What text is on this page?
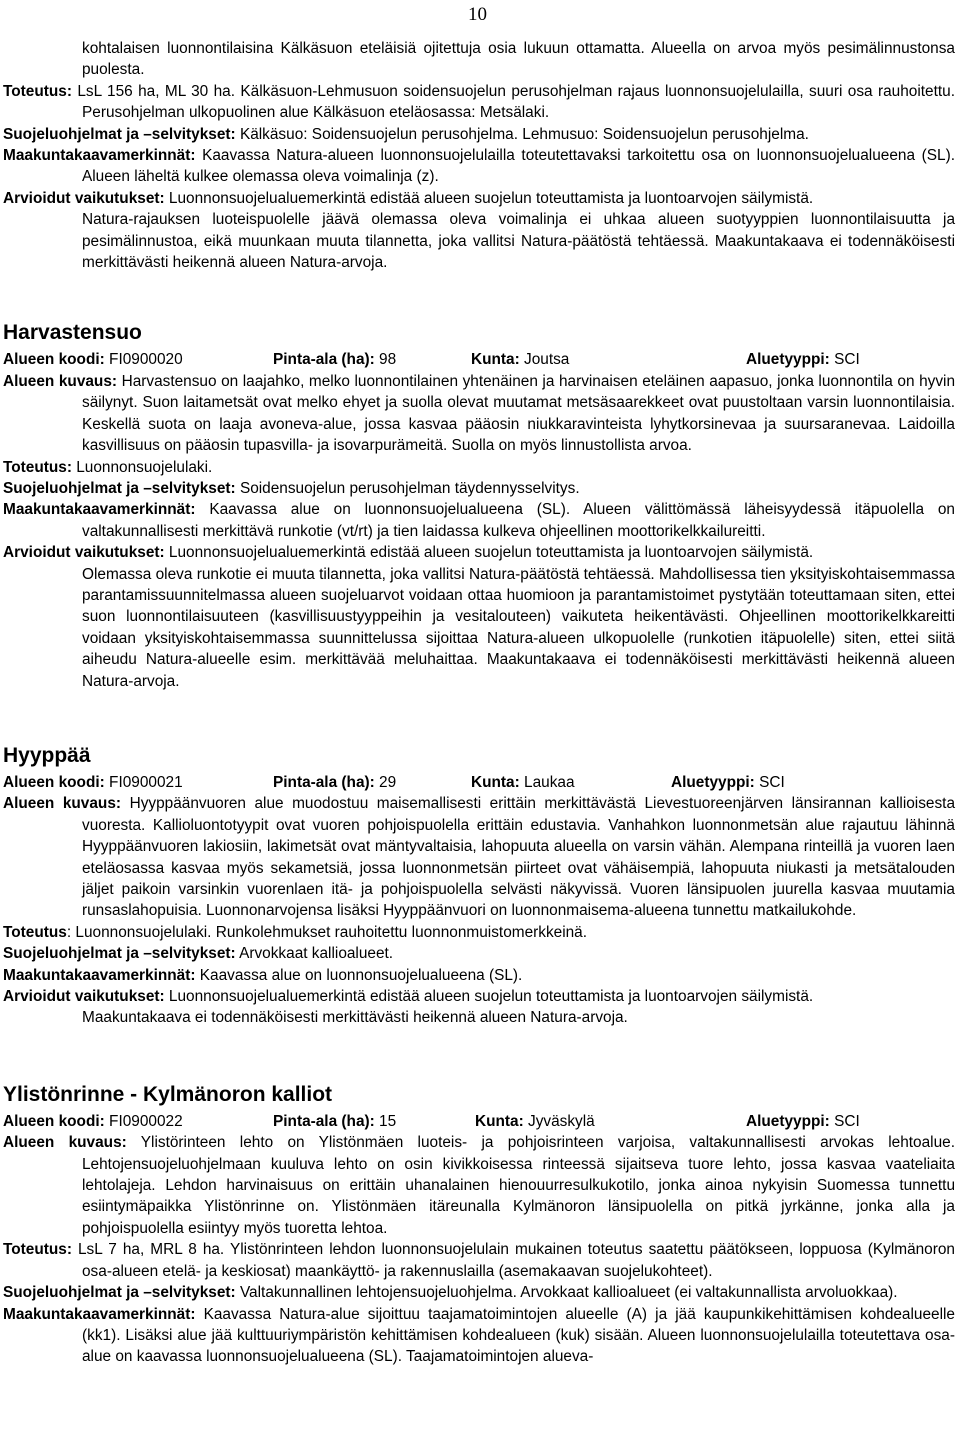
10

kohtalaisen luonnontilaisina Kälkäsuon eteläisiä ojitettuja osia lukuun ottamatta. Alueella on arvoa myös pesimälinnustonsa puolesta.

Toteutus: LsL 156 ha, ML 30 ha. Kälkäsuon-Lehmusuon soidensuojelun perusohjelman rajaus luonnonsuojelulailla, suuri osa rauhoitettu. Perusohjelman ulkopuolinen alue Kälkäsuon eteläosassa: Metsälaki.

Suojeluohjelmat ja –selvitykset: Kälkäsuo: Soidensuojelun perusohjelma. Lehmusuo: Soidensuojelun perusohjelma.

Maakuntakaavamerkinnät: Kaavassa Natura-alueen luonnonsuojelulailla toteutettavaksi tarkoitettu osa on luonnonsuojelualueena (SL). Alueen läheltä kulkee olemassa oleva voimalinja (z).

Arvioidut vaikutukset: Luonnonsuojelualuemerkintä edistää alueen suojelun toteuttamista ja luontoarvojen säilymistä.

Natura-rajauksen luoteispuolelle jäävä olemassa oleva voimalinja ei uhkaa alueen suotyyppien luonnontilaisuutta ja pesimälinnustoa, eikä muunkaan muuta tilannetta, joka vallitsi Natura-päätöstä tehtäessä. Maakuntakaava ei todennäköisesti merkittävästi heikennä alueen Natura-arvoja.

Harvastensuo
Alueen koodi: FI0900020	Pinta-ala (ha): 98	Kunta: Joutsa	Aluetyyppi: SCI

Alueen kuvaus: Harvastensuo on laajahko, melko luonnontilainen yhtenäinen ja harvinaisen eteläinen aapasuo, jonka luonnontila on hyvin säilynyt. Suon laitametsät ovat melko ehyet ja suolla olevat muutamat metsäsaarekkeet ovat puustoltaan varsin luonnontilaisia. Keskellä suota on laaja avoneva-alue, jossa kasvaa pääosin niukkaravinteista lyhytkorsinevaa ja suursaranevaa. Laidoilla kasvillisuus on pääosin tupasvilla- ja isovarpurämeitä. Suolla on myös linnustollista arvoa.

Toteutus: Luonnonsuojelulaki.

Suojeluohjelmat ja –selvitykset: Soidensuojelun perusohjelman täydennysselvitys.

Maakuntakaavamerkinnät: Kaavassa alue on luonnonsuojelualueena (SL). Alueen välittömässä läheisyydessä itäpuolella on valtakunnallisesti merkittävä runkotie (vt/rt) ja tien laidassa kulkeva ohjeellinen moottorikelkkailureitti.

Arvioidut vaikutukset: Luonnonsuojelualuemerkintä edistää alueen suojelun toteuttamista ja luontoarvojen säilymistä.

Olemassa oleva runkotie ei muuta tilannetta, joka vallitsi Natura-päätöstä tehtäessä. Mahdollisessa tien yksityiskohtaisemmassa parantamissuunnitelmassa alueen suojeluarvot voidaan ottaa huomioon ja parantamistoimet pystytään toteuttamaan siten, ettei suon luonnontilaisuuteen (kasvillisuustyyppeihin ja vesitalouteen) vaikuteta heikentävästi. Ohjeellinen moottorikelkkareitti voidaan yksityiskohtaisemmassa suunnittelussa sijoittaa Natura-alueen ulkopuolelle (runkotien itäpuolelle) siten, ettei siitä aiheudu Natura-alueelle esim. merkittävää meluhaittaa. Maakuntakaava ei todennäköisesti merkittävästi heikennä alueen Natura-arvoja.

Hyyppää
Alueen koodi: FI0900021	Pinta-ala (ha): 29	Kunta: Laukaa	Aluetyyppi: SCI

Alueen kuvaus: Hyyppäänvuoren alue muodostuu maisemallisesti erittäin merkittävästä Lievestuoreenjärven länsirannan kallioisesta vuoresta. Kallioluontotyypit ovat vuoren pohjoispuolella erittäin edustavia. Vanhahkon luonnonmetsän alue rajautuu lähinnä Hyyppäänvuoren lakiosiin, lakimetsät ovat mäntyvaltaisia, lahopuuta alueella on varsin vähän. Alempana rinteillä ja vuoren laen eteläosassa kasvaa myös sekametsiä, jossa luonnonmetsän piirteet ovat vähäisempiä, lahopuuta niukasti ja metsätalouden jäljet paikoin varsinkin vuorenlaen itä- ja pohjoispuolella selvästi näkyvissä. Vuoren länsipuolen juurella kasvaa muutamia runsaslahopuisia. Luonnonarvojensa lisäksi Hyyppäänvuori on luonnonmaisema-alueena tunnettu matkailukohde.

Toteutus: Luonnonsuojelulaki. Runkolehmukset rauhoitettu luonnonmuistomerkkeinä.

Suojeluohjelmat ja –selvitykset: Arvokkaat kallioalueet.

Maakuntakaavamerkinnät: Kaavassa alue on luonnonsuojelualueena (SL).

Arvioidut vaikutukset: Luonnonsuojelualuemerkintä edistää alueen suojelun toteuttamista ja luontoarvojen säilymistä.

Maakuntakaava ei todennäköisesti merkittävästi heikennä alueen Natura-arvoja.

Ylistönrinne - Kylmänoron kalliot
Alueen koodi: FI0900022	Pinta-ala (ha): 15	Kunta: Jyväskylä	Aluetyyppi: SCI

Alueen kuvaus: Ylistörinteen lehto on Ylistönmäen luoteis- ja pohjoisrinteen varjoisa, valtakunnallisesti arvokas lehtoalue. Lehtojensuojeluohjelmaan kuuluva lehto on osin kivikkoisessa rinteessä sijaitseva tuore lehto, jossa kasvaa vaateliaita lehtolajeja. Lehdon harvinaisuus on erittäin uhanalainen hienouurresulkukotilo, jonka ainoa nykyisin Suomessa tunnettu esiintymäpaikka Ylistönrinne on. Ylistönmäen itäreunalla Kylmänoron länsipuolella on pitkä jyrkänne, jonka alla ja pohjoispuolella esiintyy myös tuoretta lehtoa.

Toteutus: LsL 7 ha, MRL 8 ha. Ylistönrinteen lehdon luonnonsuojelulain mukainen toteutus saatettu päätökseen, loppuosa (Kylmänoron osa-alueen etelä- ja keskiosat) maankäyttö- ja rakennuslailla (asemakaavan suojelukohteet).

Suojeluohjelmat ja –selvitykset: Valtakunnallinen lehtojensuojeluohjelma. Arvokkaat kallioalueet (ei valtakunnallista arvoluokkaa).

Maakuntakaavamerkinnät: Kaavassa Natura-alue sijoittuu taajamatoimintojen alueelle (A) ja jää kaupunkikehittämisen kohdealueelle (kk1). Lisäksi alue jää kulttuuriympäristön kehittämisen kohdealueen (kuk) sisään. Alueen luonnonsuojelulailla toteutettava osa-alue on kaavassa luonnonsuojelualueena (SL). Taajamatoimintojen alueva-
